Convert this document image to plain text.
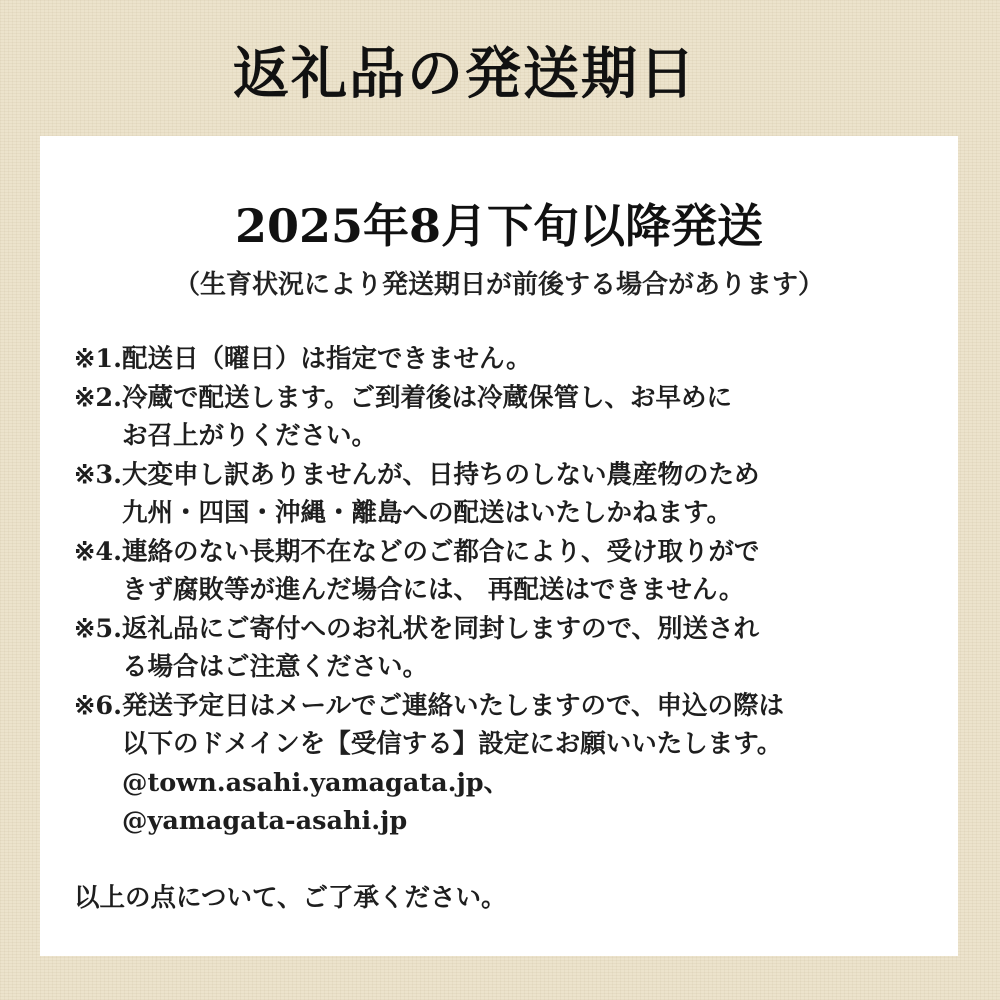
返礼品の発送期日
2025年8月下旬以降発送
（生育状況により発送期日が前後する場合があります）
※1. 配送日（曜日）は指定できません。
※2. 冷蔵で配送します。ご到着後は冷蔵保管し、お早めに
お召上がりください。
※3. 大変申し訳ありませんが、日持ちのしない農産物のため
九州・四国・沖縄・離島への配送はいたしかねます。
※4. 連絡のない長期不在などのご都合により、受け取りがで
きず腐敗等が進んだ場合には、 再配送はできません。
※5. 返礼品にご寄付へのお礼状を同封しますので、別送され
る場合はご注意ください。
※6. 発送予定日はメールでご連絡いたしますので、申込の際は
以下のドメインを【受信する】設定にお願いいたします。
@town.asahi.yamagata.jp、
@yamagata-asahi.jp
以上の点について、ご了承ください。
